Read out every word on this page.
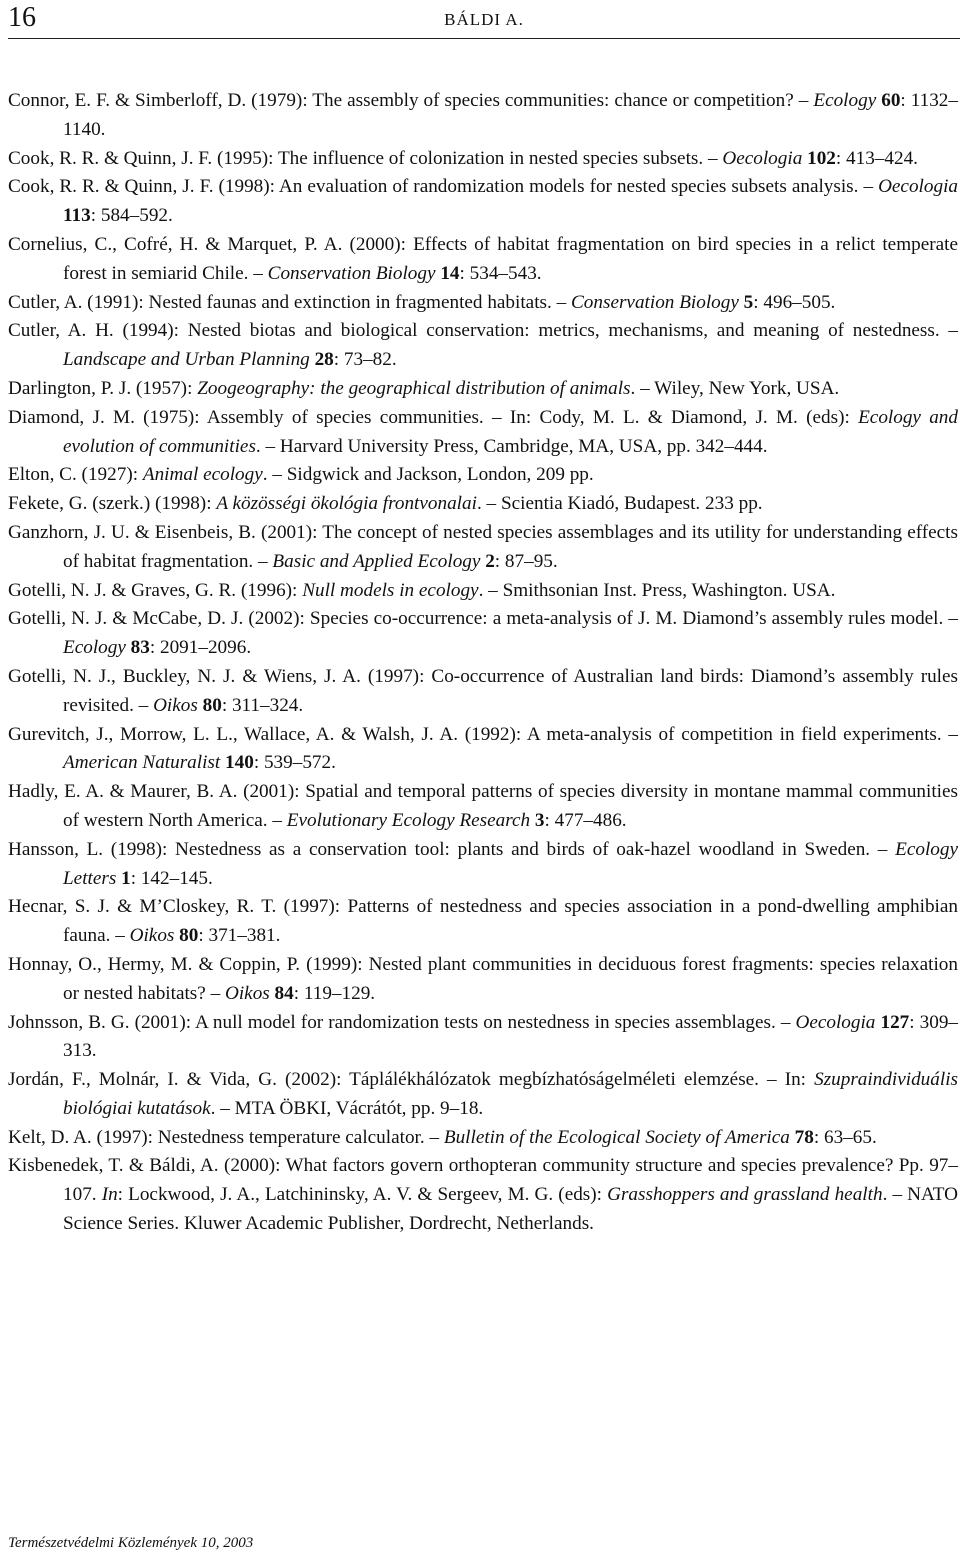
16	BÁLDI A.

Connor, E. F. & Simberloff, D. (1979): The assembly of species communities: chance or competition? – Ecology 60: 1132–1140.

Cook, R. R. & Quinn, J. F. (1995): The influence of colonization in nested species subsets. – Oecologia 102: 413–424.

Cook, R. R. & Quinn, J. F. (1998): An evaluation of randomization models for nested species subsets analysis. – Oecologia 113: 584–592.

Cornelius, C., Cofré, H. & Marquet, P. A. (2000): Effects of habitat fragmentation on bird species in a relict temperate forest in semiarid Chile. – Conservation Biology 14: 534–543.

Cutler, A. (1991): Nested faunas and extinction in fragmented habitats. – Conservation Biology 5: 496–505.

Cutler, A. H. (1994): Nested biotas and biological conservation: metrics, mechanisms, and meaning of nestedness. – Landscape and Urban Planning 28: 73–82.

Darlington, P. J. (1957): Zoogeography: the geographical distribution of animals. – Wiley, New York, USA.

Diamond, J. M. (1975): Assembly of species communities. – In: Cody, M. L. & Diamond, J. M. (eds): Ecology and evolution of communities. – Harvard University Press, Cambridge, MA, USA, pp. 342–444.

Elton, C. (1927): Animal ecology. – Sidgwick and Jackson, London, 209 pp.

Fekete, G. (szerk.) (1998): A közösségi ökológia frontvonalai. – Scientia Kiadó, Budapest. 233 pp.

Ganzhorn, J. U. & Eisenbeis, B. (2001): The concept of nested species assemblages and its utility for understanding effects of habitat fragmentation. – Basic and Applied Ecology 2: 87–95.

Gotelli, N. J. & Graves, G. R. (1996): Null models in ecology. – Smithsonian Inst. Press, Washington. USA.

Gotelli, N. J. & McCabe, D. J. (2002): Species co-occurrence: a meta-analysis of J. M. Diamond’s assembly rules model. – Ecology 83: 2091–2096.

Gotelli, N. J., Buckley, N. J. & Wiens, J. A. (1997): Co-occurrence of Australian land birds: Diamond’s assembly rules revisited. – Oikos 80: 311–324.

Gurevitch, J., Morrow, L. L., Wallace, A. & Walsh, J. A. (1992): A meta-analysis of competition in field experiments. – American Naturalist 140: 539–572.

Hadly, E. A. & Maurer, B. A. (2001): Spatial and temporal patterns of species diversity in montane mammal communities of western North America. – Evolutionary Ecology Research 3: 477–486.

Hansson, L. (1998): Nestedness as a conservation tool: plants and birds of oak-hazel woodland in Sweden. – Ecology Letters 1: 142–145.

Hecnar, S. J. & M’Closkey, R. T. (1997): Patterns of nestedness and species association in a pond-dwelling amphibian fauna. – Oikos 80: 371–381.

Honnay, O., Hermy, M. & Coppin, P. (1999): Nested plant communities in deciduous forest fragments: species relaxation or nested habitats? – Oikos 84: 119–129.

Johnsson, B. G. (2001): A null model for randomization tests on nestedness in species assemblages. – Oecologia 127: 309–313.

Jordán, F., Molnár, I. & Vida, G. (2002): Táplálékhálózatok megbízhatóságelméleti elemzése. – In: Szupraindividuális biológiai kutatások. – MTA ÖBKI, Vácrátót, pp. 9–18.

Kelt, D. A. (1997): Nestedness temperature calculator. – Bulletin of the Ecological Society of America 78: 63–65.

Kisbenedek, T. & Báldi, A. (2000): What factors govern orthopteran community structure and species prevalence? Pp. 97–107. In: Lockwood, J. A., Latchininsky, A. V. & Sergeev, M. G. (eds): Grasshoppers and grassland health. – NATO Science Series. Kluwer Academic Publisher, Dordrecht, Netherlands.

Természetvédelmi Közlemények 10, 2003
